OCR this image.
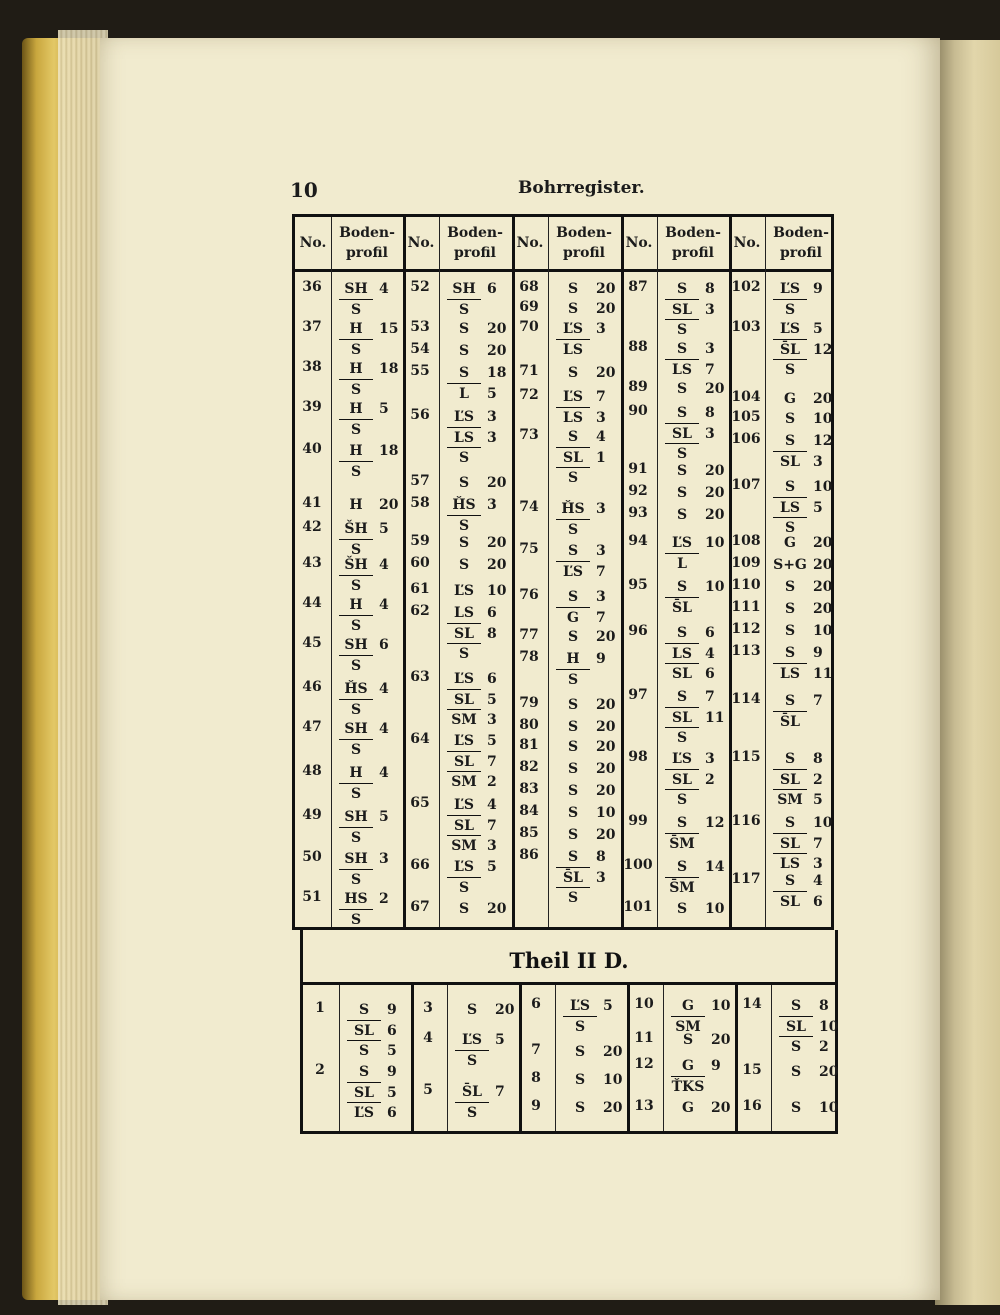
10	Bohrregister.
No.
Boden-
profil
36	SH 4
S
37	H	15
S
38	H	18
S
39	H	5
S
40	H	18
S
41	H	20
42	ŠH 5
S
43	ŠH 4
S
44	H	4
S
45	SH 6
S
46	ȞS 4
S
47	SH 4
S
48	H	4
S
49	SH 5
S
50	SH 3
S
51	HS 2
S
No.
Boden-
profil
52	SH 6
S
53	S	20
54	S	20
55	S	18
L	5
56	ĽS 3
LS 3
S
57	S	20
58	ȞS 3
S
59	S	20
60	S	20
61	ĽS 10
62	LS 6
SL 8
S
63	ĽS 6
SL 5
SM 3
64	ĽS 5
SL 7
SM 2
65	ĽS 4
SL 7
SM 3
66	ĽS 5
S
67	S	20
No.
Boden-
profil
68	S	20
69	S	20
70	ĽS 3
LS
71	S	20
72	ĽS 7
LS 3
73	S	4
SL 1
S
74	ȞS 3
S
75	S	3
ĽS 7
76	S	3
G	7
77	S	20
78	H	9
S
79	S	20
80	S	20
81	S	20
82	S	20
83	S	20
84	S	10
85	S	20
86	S	8
S̄L 3
S
No.
Boden-
profil
87	S	8
SL 3
S
88	S	3
LS 7
89	S	20
90	S	8
SL 3
S
91	S	20
92	S	20
93	S	20
94	ĽS 10
L
95	S	10
S̄L
96	S	6
LS 4
SL 6
97	S	7
SL 11
S
98	ĽS 3
SL 2
S
99	S	12
S̄M
100	S	14
S̄M
101	S	10
No.
Boden-
profil
102	ĽS 9
S
103	ĽS 5
S̄L 12
S
104	G	20
105	S	10
106	S	12
SL 3
107	S	10
LS 5
S
108	G	20
109 S+G 20
110	S	20
111	S	20
112	S	10
113	S	9
LS 11
114	S	7
S̄L
115	S	8
SL 2
SM 5
116	S	10
SL 7
LS 3
117	S	4
SL 6
Theil II D.
1	S	9
SL 6
S	5
2	S	9
SL 5
ĽS 6
3	S	20
4	ĽS 5
S
5	S̄L 7
S
6	ĽS 5
S
7	S	20
8	S	10
9	S	20
10	G	10
SM
11	S	20
12	G	9
ŤKS
13	G	20
14	S	8
SL 10
S	2
15	S	20
16	S	10
